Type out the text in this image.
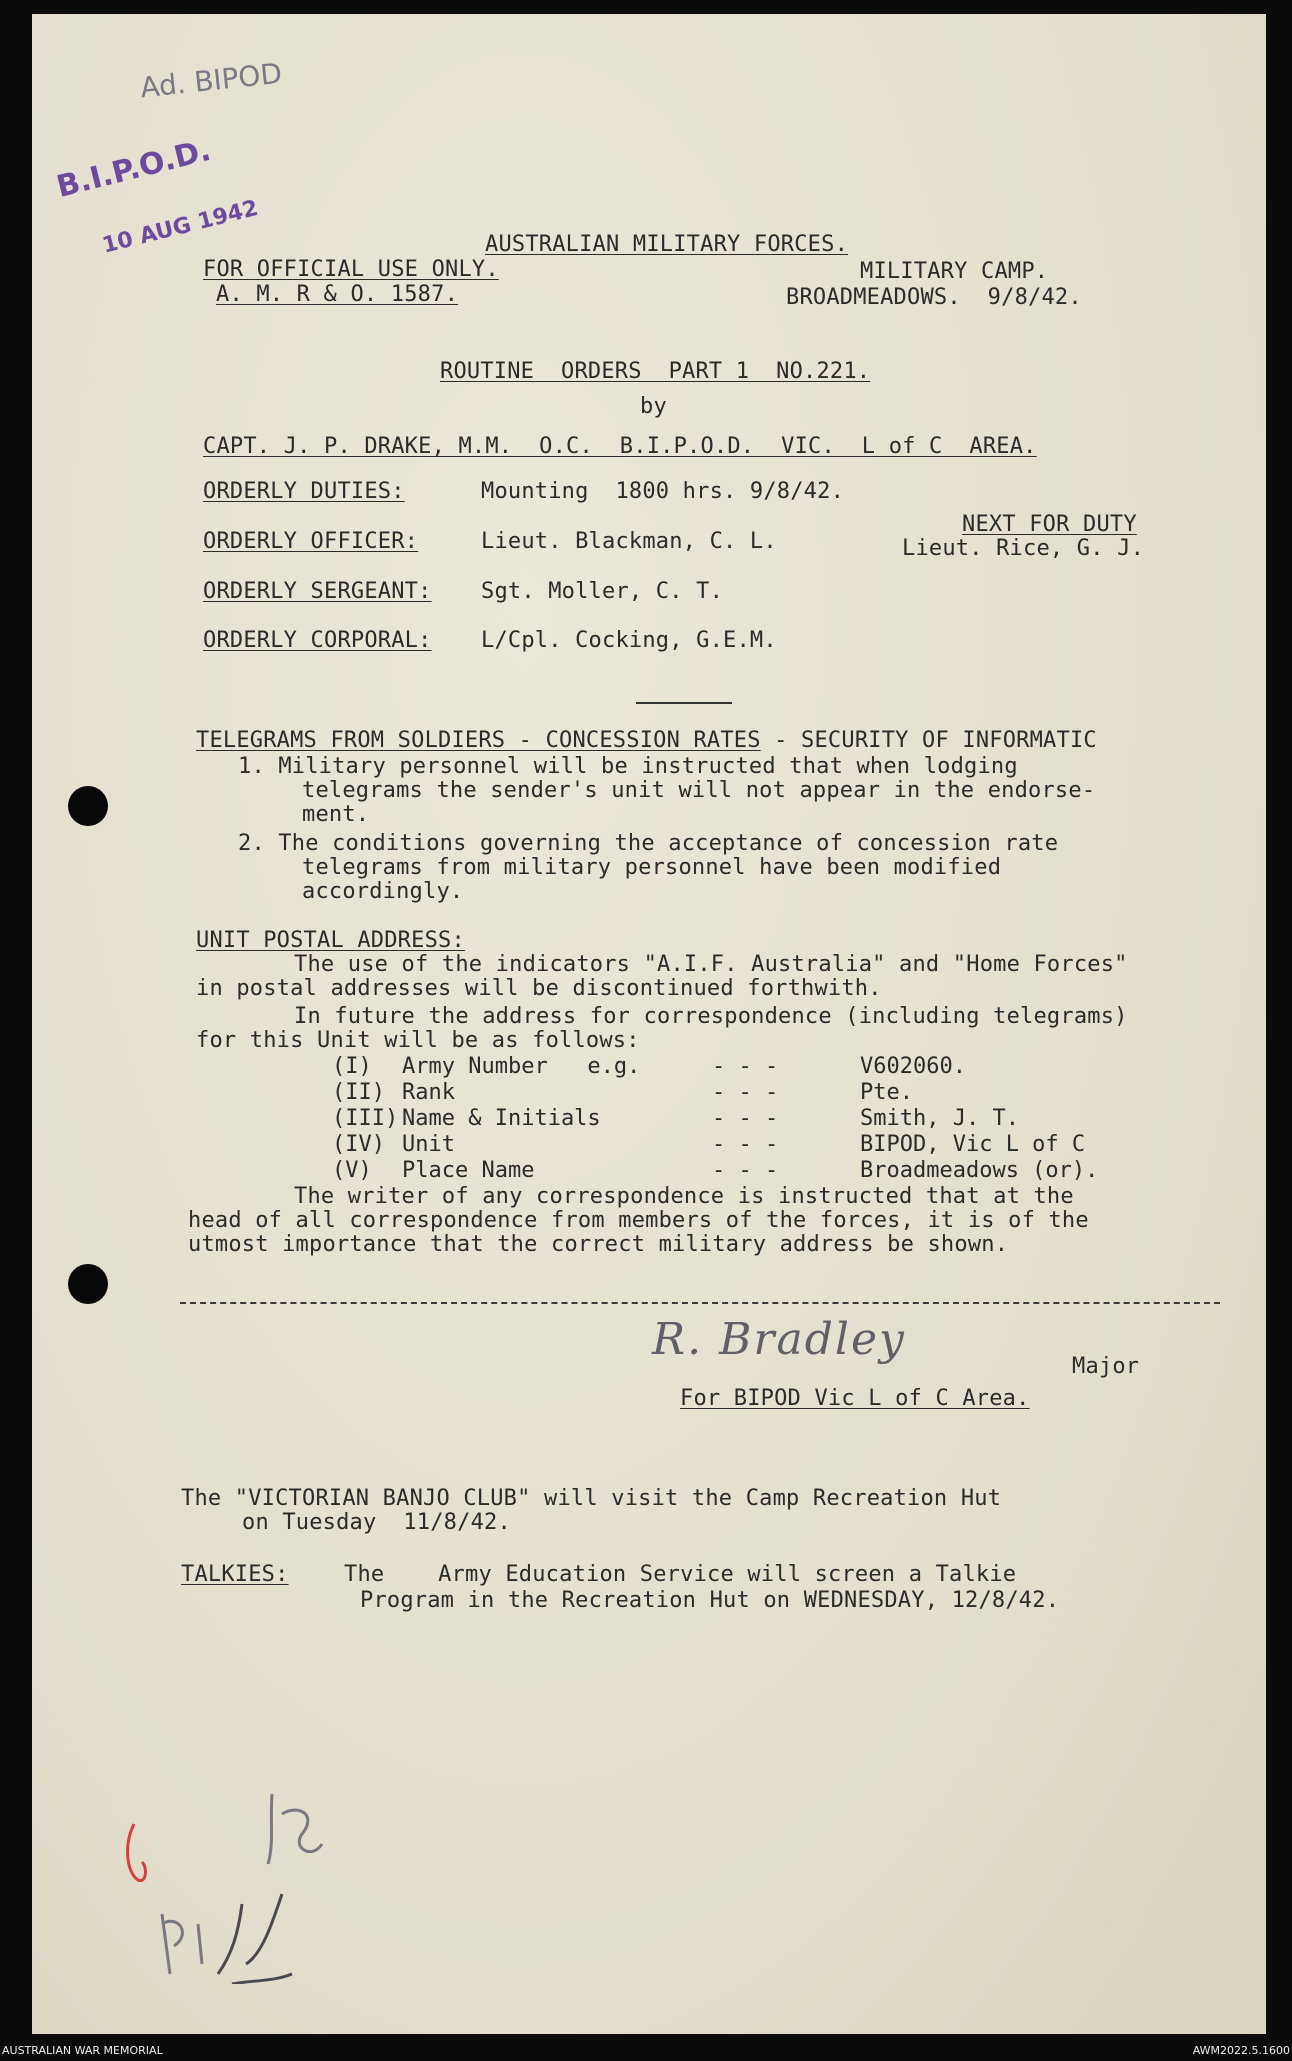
B.I.P.O.D.

10 AUG 1942

Ad. BIPOD
AUSTRALIAN MILITARY FORCES.
FOR OFFICIAL USE ONLY.
A. M. R & O. 1587.
MILITARY CAMP.
BROADMEADOWS.  9/8/42.
ROUTINE  ORDERS  PART 1  NO.221.
by
CAPT. J. P. DRAKE, M.M.  O.C.  B.I.P.O.D.  VIC.  L of C  AREA.
ORDERLY DUTIES:	Mounting  1800 hrs. 9/8/42.
NEXT FOR DUTY
ORDERLY OFFICER:	Lieut. Blackman, C. L.	Lieut. Rice, G. J.
ORDERLY SERGEANT: Sgt. Moller, C. T.
ORDERLY CORPORAL: L/Cpl. Cocking, G.E.M.
TELEGRAMS FROM SOLDIERS - CONCESSION RATES - SECURITY OF INFORMATIC
1. Military personnel will be instructed that when lodging
telegrams the sender's unit will not appear in the endorse-
ment.
2. The conditions governing the acceptance of concession rate
telegrams from military personnel have been modified
accordingly.
UNIT POSTAL ADDRESS:
The use of the indicators "A.I.F. Australia" and "Home Forces"
in postal addresses will be discontinued forthwith.
In future the address for correspondence (including telegrams)
for this Unit will be as follows:
(I) Army Number   e.g.	- - -	V602060.
(II) Rank	- - -	Pte.
(III) Name & Initials	- - -	Smith, J. T.
(IV) Unit	- - -	BIPOD, Vic L of C
(V) Place Name	- - -	Broadmeadows (or).
The writer of any correspondence is instructed that at the
head of all correspondence from members of the forces, it is of the
utmost importance that the correct military address be shown.
R. Bradley
Major
For BIPOD Vic L of C Area.
The "VICTORIAN BANJO CLUB" will visit the Camp Recreation Hut
on Tuesday  11/8/42.
TALKIES:	The    Army Education Service will screen a Talkie
Program in the Recreation Hut on WEDNESDAY, 12/8/42.
AUSTRALIAN WAR MEMORIAL	AWM2022.5.1600
